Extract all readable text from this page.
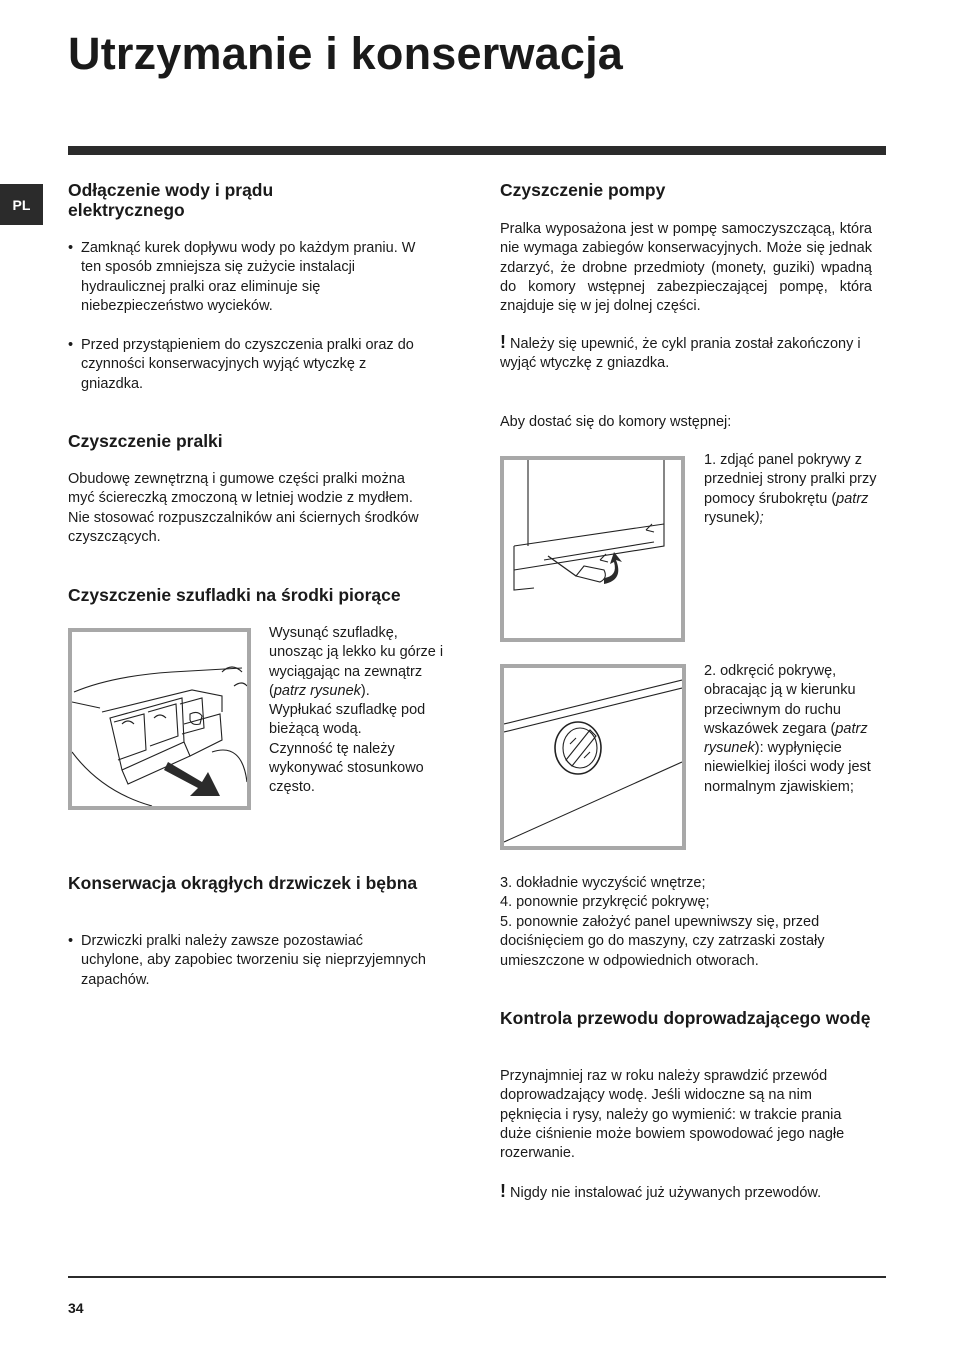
Utrzymanie i konserwacja
PL
Odłączenie wody i prądu elektrycznego
• Zamknąć kurek dopływu wody po każdym praniu. W ten sposób zmniejsza się zużycie instalacji hydraulicznej pralki oraz eliminuje się niebezpieczeństwo wycieków.
• Przed przystąpieniem do czyszczenia pralki oraz do czynności konserwacyjnych wyjąć wtyczkę z gniazdka.
Czyszczenie pralki

Obudowę zewnętrzną i gumowe części pralki można myć ściereczką zmoczoną w letniej wodzie z mydłem. Nie stosować rozpuszczalników ani ściernych środków czyszczących.

Czyszczenie szufladki na środki piorące

Wysunąć szufladkę, unosząc ją lekko ku górze i wyciągając na zewnątrz (patrz rysunek).
Wypłukać szufladkę pod bieżącą wodą.
Czynność tę należy wykonywać stosunkowo często.

Konserwacja okrągłych drzwiczek i bębna
• Drzwiczki pralki należy zawsze pozostawiać uchylone, aby zapobiec tworzeniu się nieprzyjemnych zapachów.
Czyszczenie pompy

Pralka wyposażona jest w pompę samoczyszczącą, która nie wymaga zabiegów konserwacyjnych. Może się jednak zdarzyć, że drobne przedmioty (monety, guziki) wpadną do komory wstępnej zabezpieczającej pompę, która znajduje się w jej dolnej części.

! Należy się upewnić, że cykl prania został zakończony i wyjąć wtyczkę z gniazdka.

Aby dostać się do komory wstępnej:

1. zdjąć panel pokrywy z przedniej strony pralki przy pomocy śrubokrętu (patrz rysunek);

2. odkręcić pokrywę, obracając ją w kierunku przeciwnym do ruchu wskazówek zegara (patrz rysunek): wypłynięcie niewielkiej ilości wody jest normalnym zjawiskiem;

3. dokładnie wyczyścić wnętrze;

4. ponownie przykręcić pokrywę;

5. ponownie założyć panel upewniwszy się, przed dociśnięciem go do maszyny, czy zatrzaski zostały umieszczone w odpowiednich otworach.

Kontrola przewodu doprowadzającego wodę

Przynajmniej raz w roku należy sprawdzić przewód doprowadzający wodę. Jeśli widoczne są na nim pęknięcia i rysy, należy go wymienić: w trakcie prania duże ciśnienie może bowiem spowodować jego nagłe rozerwanie.

! Nigdy nie instalować już używanych przewodów.

34
